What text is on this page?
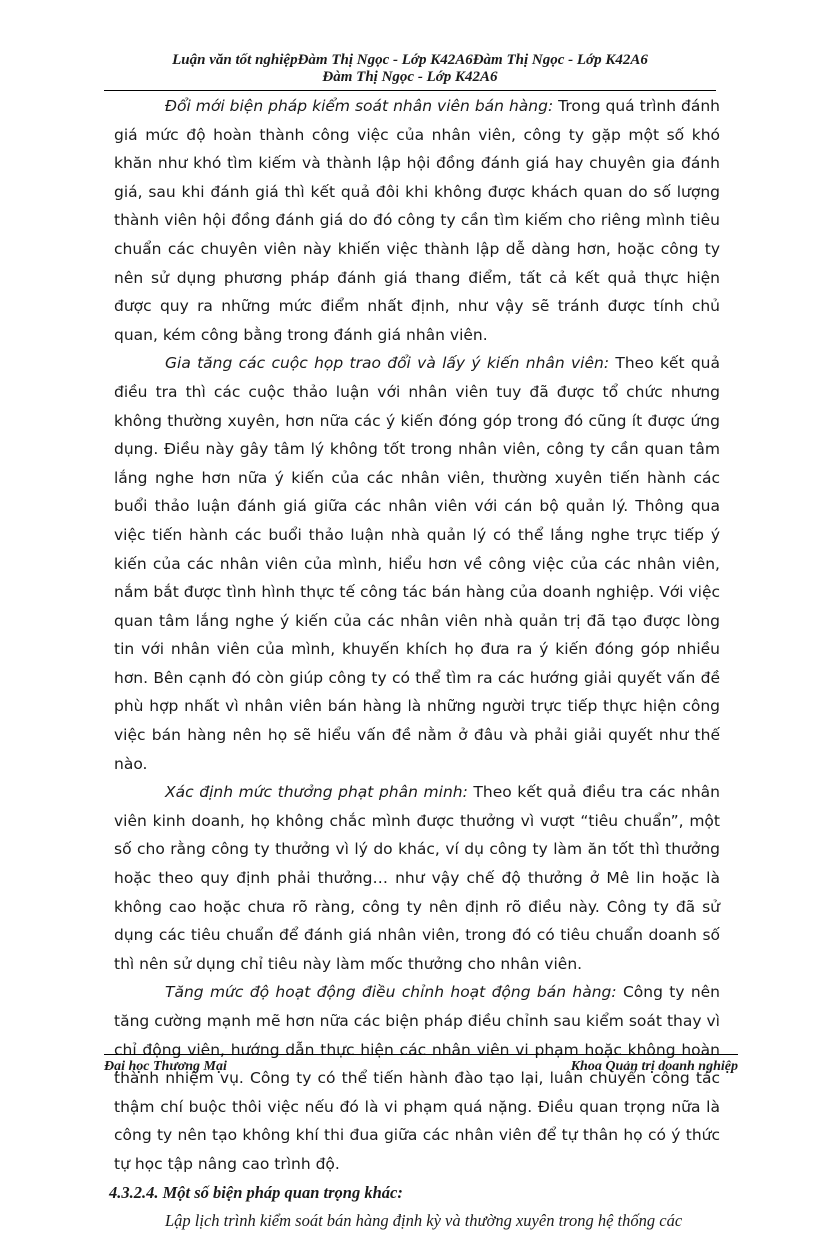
Luận văn tốt nghiệpĐàm Thị Ngọc - Lớp K42A6Đàm Thị Ngọc - Lớp K42A6
Đàm Thị Ngọc - Lớp K42A6

Đổi mới biện pháp kiểm soát nhân viên bán hàng: Trong quá trình đánh giá mức độ hoàn thành công việc của nhân viên, công ty gặp một số khó khăn như khó tìm kiếm và thành lập hội đồng đánh giá hay chuyên gia đánh giá, sau khi đánh giá thì kết quả đôi khi không được khách quan do số lượng thành viên hội đồng đánh giá do đó công ty cần tìm kiếm cho riêng mình tiêu chuẩn các chuyên viên này khiến việc thành lập dễ dàng hơn, hoặc công ty nên sử dụng phương pháp đánh giá thang điểm, tất cả kết quả thực hiện được quy ra những mức điểm nhất định, như vậy sẽ tránh được tính chủ quan, kém công bằng trong đánh giá nhân viên.

Gia tăng các cuộc họp trao đổi và lấy ý kiến nhân viên: Theo kết quả điều tra thì các cuộc thảo luận với nhân viên tuy đã được tổ chức nhưng không thường xuyên, hơn nữa các ý kiến đóng góp trong đó cũng ít được ứng dụng. Điều này gây tâm lý không tốt trong nhân viên, công ty cần quan tâm lắng nghe hơn nữa ý kiến của các nhân viên, thường xuyên tiến hành các buổi thảo luận đánh giá giữa các nhân viên với cán bộ quản lý. Thông qua việc tiến hành các buổi thảo luận nhà quản lý có thể lắng nghe trực tiếp ý kiến của các nhân viên của mình, hiểu hơn về công việc của các nhân viên, nắm bắt được tình hình thực tế công tác bán hàng của doanh nghiệp. Với việc quan tâm lắng nghe ý kiến của các nhân viên nhà quản trị đã tạo được lòng tin với nhân viên của mình, khuyến khích họ đưa ra ý kiến đóng góp nhiều hơn. Bên cạnh đó còn giúp công ty có thể tìm ra các hướng giải quyết vấn đề phù hợp nhất vì nhân viên bán hàng là những người trực tiếp thực hiện công việc bán hàng nên họ sẽ hiểu vấn đề nằm ở đâu và phải giải quyết như thế nào.

Xác định mức thưởng phạt phân minh: Theo kết quả điều tra các nhân viên kinh doanh, họ không chắc mình được thưởng vì vượt “tiêu chuẩn”, một số cho rằng công ty thưởng vì lý do khác, ví dụ công ty làm ăn tốt thì thưởng hoặc theo quy định phải thưởng… như vậy chế độ thưởng ở Mê lin hoặc là không cao hoặc chưa rõ ràng, công ty nên định rõ điều này. Công ty đã sử dụng các tiêu chuẩn để đánh giá nhân viên, trong đó có tiêu chuẩn doanh số thì nên sử dụng chỉ tiêu này làm mốc thưởng cho nhân viên.

Tăng mức độ hoạt động điều chỉnh hoạt động bán hàng: Công ty nên tăng cường mạnh mẽ hơn nữa các biện pháp điều chỉnh sau kiểm soát thay vì chỉ động viên, hướng dẫn thực hiện các nhân viên vi phạm hoặc không hoàn thành nhiệm vụ. Công ty có thể tiến hành đào tạo lại, luân chuyển công tác thậm chí buộc thôi việc nếu đó là vi phạm quá nặng. Điều quan trọng nữa là công ty nên tạo không khí thi đua giữa các nhân viên để tự thân họ có ý thức tự học tập nâng cao trình độ.

4.3.2.4. Một số biện pháp quan trọng khác:

Lập lịch trình kiểm soát bán hàng định kỳ và thường xuyên trong hệ thống các

Đại học Thương Mại	Khoa Quản trị doanh nghiệp
